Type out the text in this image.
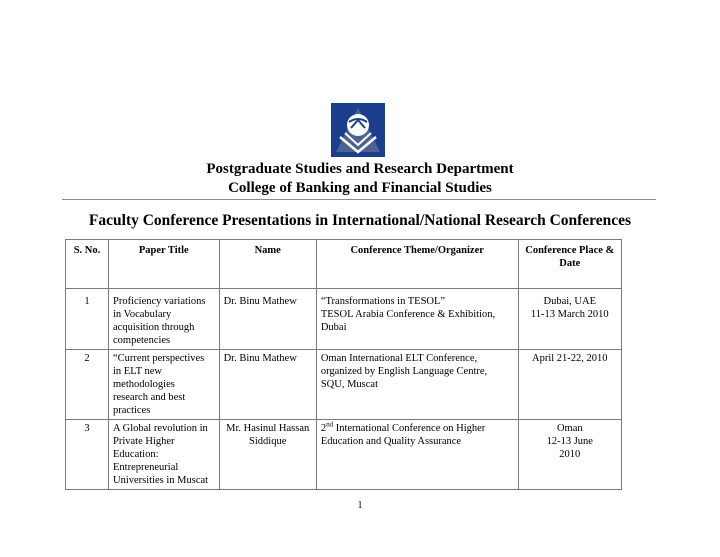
Postgraduate Studies and Research Department
College of Banking and Financial Studies
Faculty Conference Presentations in International/National Research Conferences
S. No.	Paper Title	Name	Conference Theme/Organizer	Conference Place & Date
1	Proficiency variations
in Vocabulary
acquisition through
competencies	Dr. Binu Mathew	“Transformations in TESOL”
TESOL Arabia Conference & Exhibition,
Dubai	Dubai, UAE
11-13 March 2010

2	“Current perspectives
in ELT new
methodologies
research and best
practices	Dr. Binu Mathew	Oman International ELT Conference,
organized by English Language Centre,
SQU, Muscat	April 21-22, 2010

3	A Global revolution in
Private Higher
Education:
Entrepreneurial
Universities in Muscat	Mr. Hasinul Hassan
Siddique	2nd International Conference on Higher
Education and Quality Assurance	Oman
12-13 June
2010
1
